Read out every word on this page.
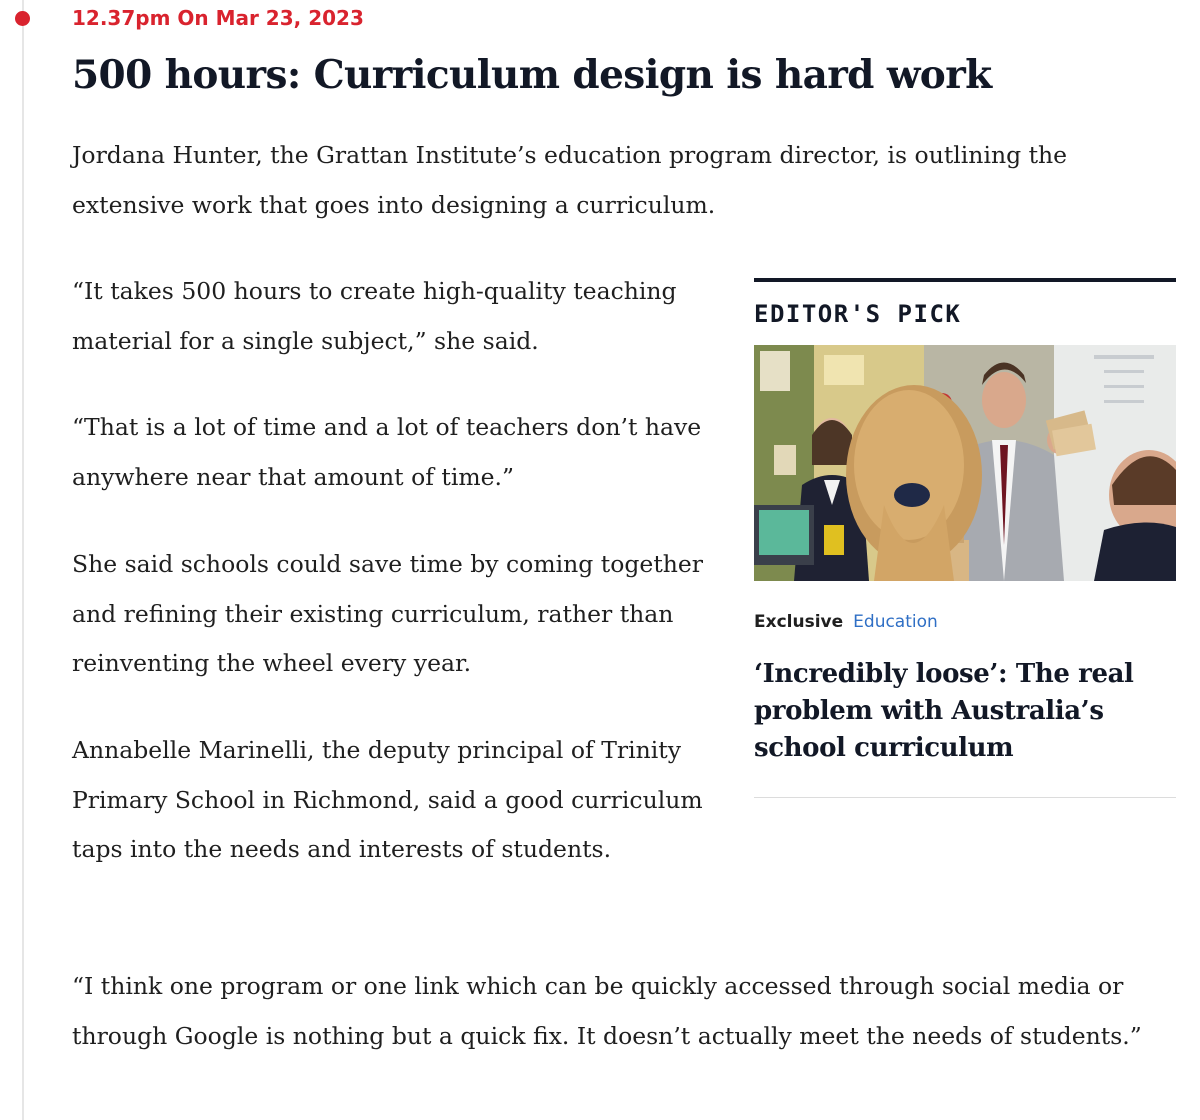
12.37pm On Mar 23, 2023
500 hours: Curriculum design is hard work

Jordana Hunter, the Grattan Institute’s education program director, is outlining the extensive work that goes into designing a curriculum.

“It takes 500 hours to create high-quality teaching material for a single subject,” she said.

“That is a lot of time and a lot of teachers don’t have anywhere near that amount of time.”

She said schools could save time by coming together and refining their existing curriculum, rather than reinventing the wheel every year.

Annabelle Marinelli, the deputy principal of Trinity Primary School in Richmond, said a good curriculum taps into the needs and interests of students.

“I think one program or one link which can be quickly accessed through social media or through Google is nothing but a quick fix. It doesn’t actually meet the needs of students.”

EDITOR'S PICK
Exclusive Education
‘Incredibly loose’: The real problem with Australia’s school curriculum
